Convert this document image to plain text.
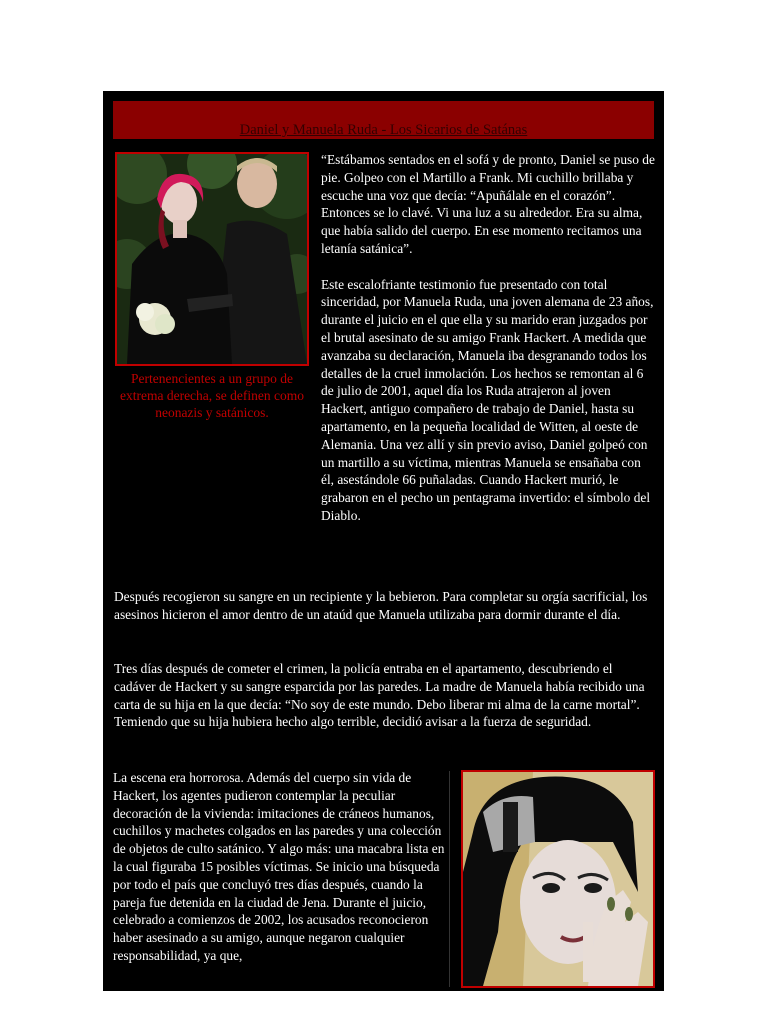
Daniel y Manuela Ruda - Los Sicarios de Satánas
Pertenencientes a un grupo de extrema derecha, se definen como neonazis y satánicos.

“Estábamos sentados en el sofá y de pronto, Daniel se puso de pie. Golpeo con el Martillo a Frank. Mi cuchillo brillaba y escuche una voz que decía: “Apuñálale en el corazón”. Entonces se lo clavé. Vi una luz a su alrededor. Era su alma, que había salido del cuerpo. En ese momento recitamos una letanía satánica”.

Este escalofriante testimonio fue presentado con total sinceridad, por Manuela Ruda, una joven alemana de 23 años, durante el juicio en el que ella y su marido eran juzgados por el brutal asesinato de su amigo Frank Hackert. A medida que avanzaba su declaración, Manuela iba desgranando todos los detalles de la cruel inmolación. Los hechos se remontan al 6 de julio de 2001, aquel día los Ruda atrajeron al joven Hackert, antiguo compañero de trabajo de Daniel, hasta su apartamento, en la pequeña localidad de Witten, al oeste de Alemania. Una vez allí y sin previo aviso, Daniel golpeó con un martillo a su víctima, mientras Manuela se ensañaba con él, asestándole 66 puñaladas. Cuando Hackert murió, le grabaron en el pecho un pentagrama invertido: el símbolo del Diablo.

Después recogieron su sangre en un recipiente y la bebieron. Para completar su orgía sacrificial, los asesinos hicieron el amor dentro de un ataúd que Manuela utilizaba para dormir durante el día.

Tres días después de cometer el crimen, la policía entraba en el apartamento, descubriendo el cadáver de Hackert y su sangre esparcida por las paredes. La madre de Manuela había recibido una carta de su hija en la que decía: “No soy de este mundo. Debo liberar mi alma de la carne mortal”. Temiendo que su hija hubiera hecho algo terrible, decidió avisar a la fuerza de seguridad.

La escena era horrorosa. Además del cuerpo sin vida de Hackert, los agentes pudieron contemplar la peculiar decoración de la vivienda: imitaciones de cráneos humanos, cuchillos y machetes colgados en las paredes y una colección de objetos de culto satánico. Y algo más: una macabra lista en la cual figuraba 15 posibles víctimas. Se inicio una búsqueda por todo el país que concluyó tres días después, cuando la pareja fue detenida en la ciudad de Jena. Durante el juicio, celebrado a comienzos de 2002, los acusados reconocieron haber asesinado a su amigo, aunque negaron cualquier responsabilidad, ya que,
